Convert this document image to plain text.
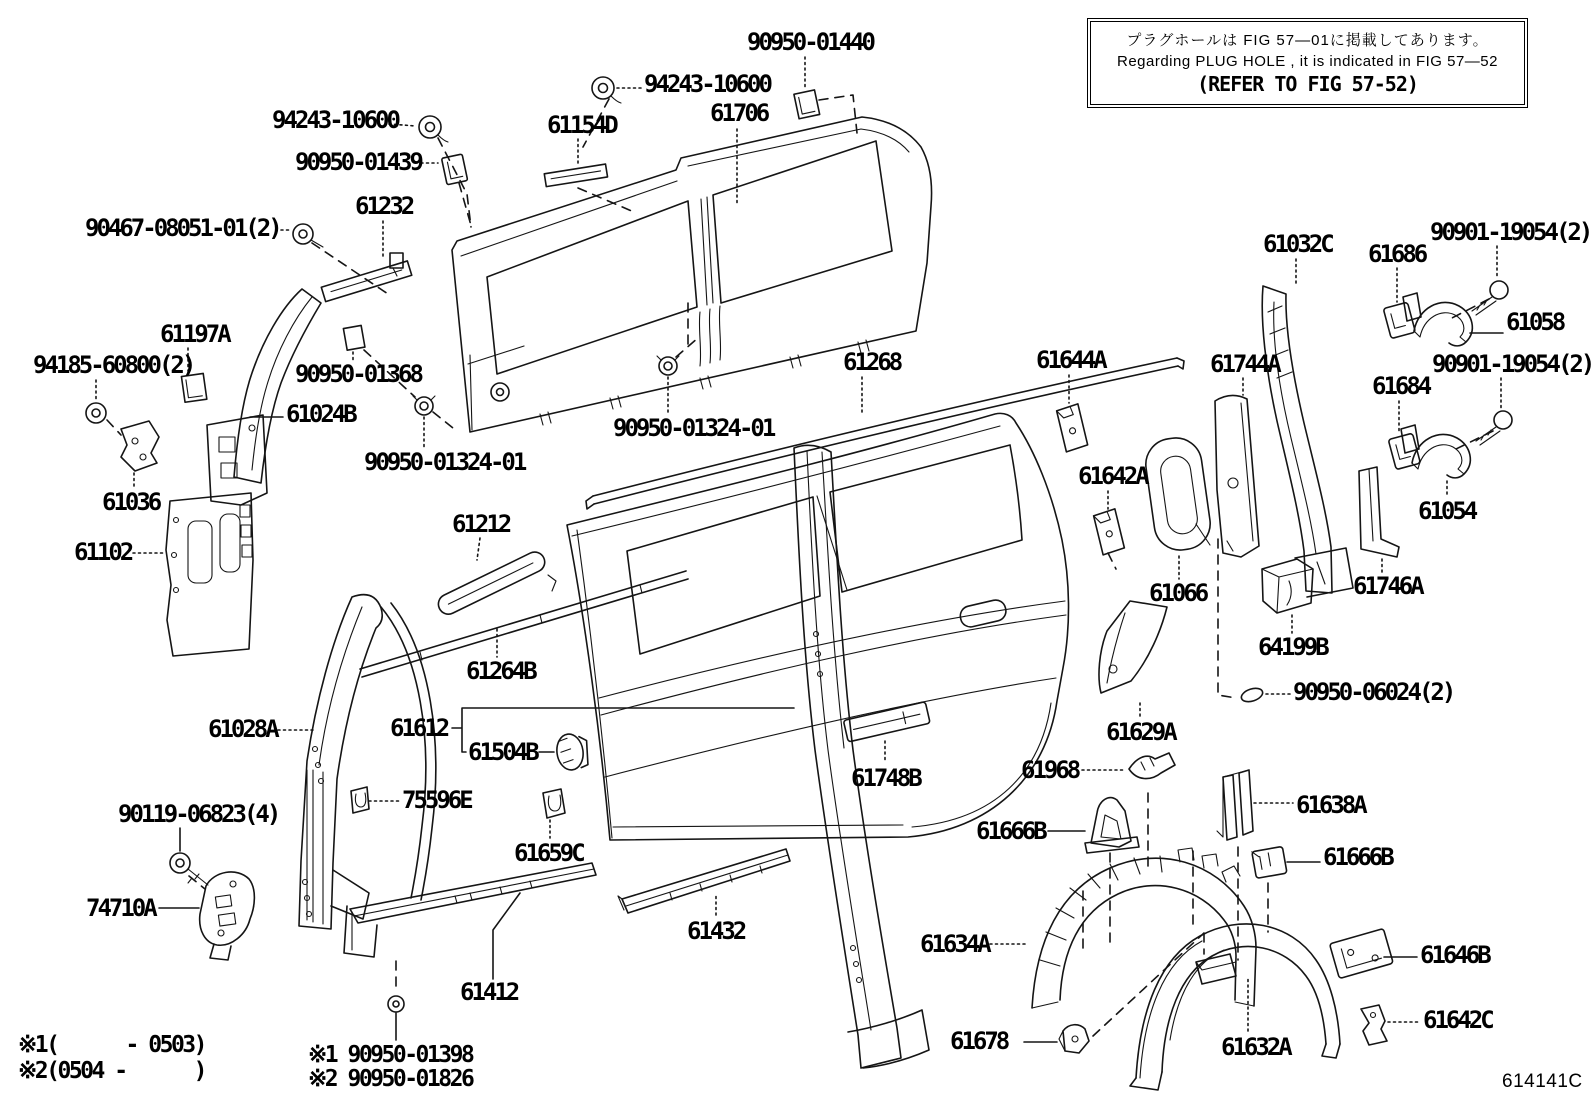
プラグホールは FIG 57—01に掲載してあります。
Regarding PLUG HOLE , it is indicated in FIG 57—52
(REFER TO FIG 57-52)
90950-01440
94243-10600
61154D	61706
94243-10600
90950-01439
61232
90467-08051-01(2)
61197A
94185-60800(2)	90950-01368
61024B
90950-01324-01
90950-01324-01
61036
61102
61212
61268	61644A
61032C 61686
90901-19054(2)
61058
61744A
61684
90901-19054(2)
61642A
61054
61066	61746A
64199B
90950-06024(2)
61264B
61028A	61612
61504B
61629A
61968
61748B
75596E	61638A
61666B
61666B
90119-06823(4)
61659C
74710A
61634A
61432
61646B
61412
61678	61632A
61642C
※1(      - 0503)
※2(0504 -      )
※1 90950-01398
※2 90950-01826	614141C
